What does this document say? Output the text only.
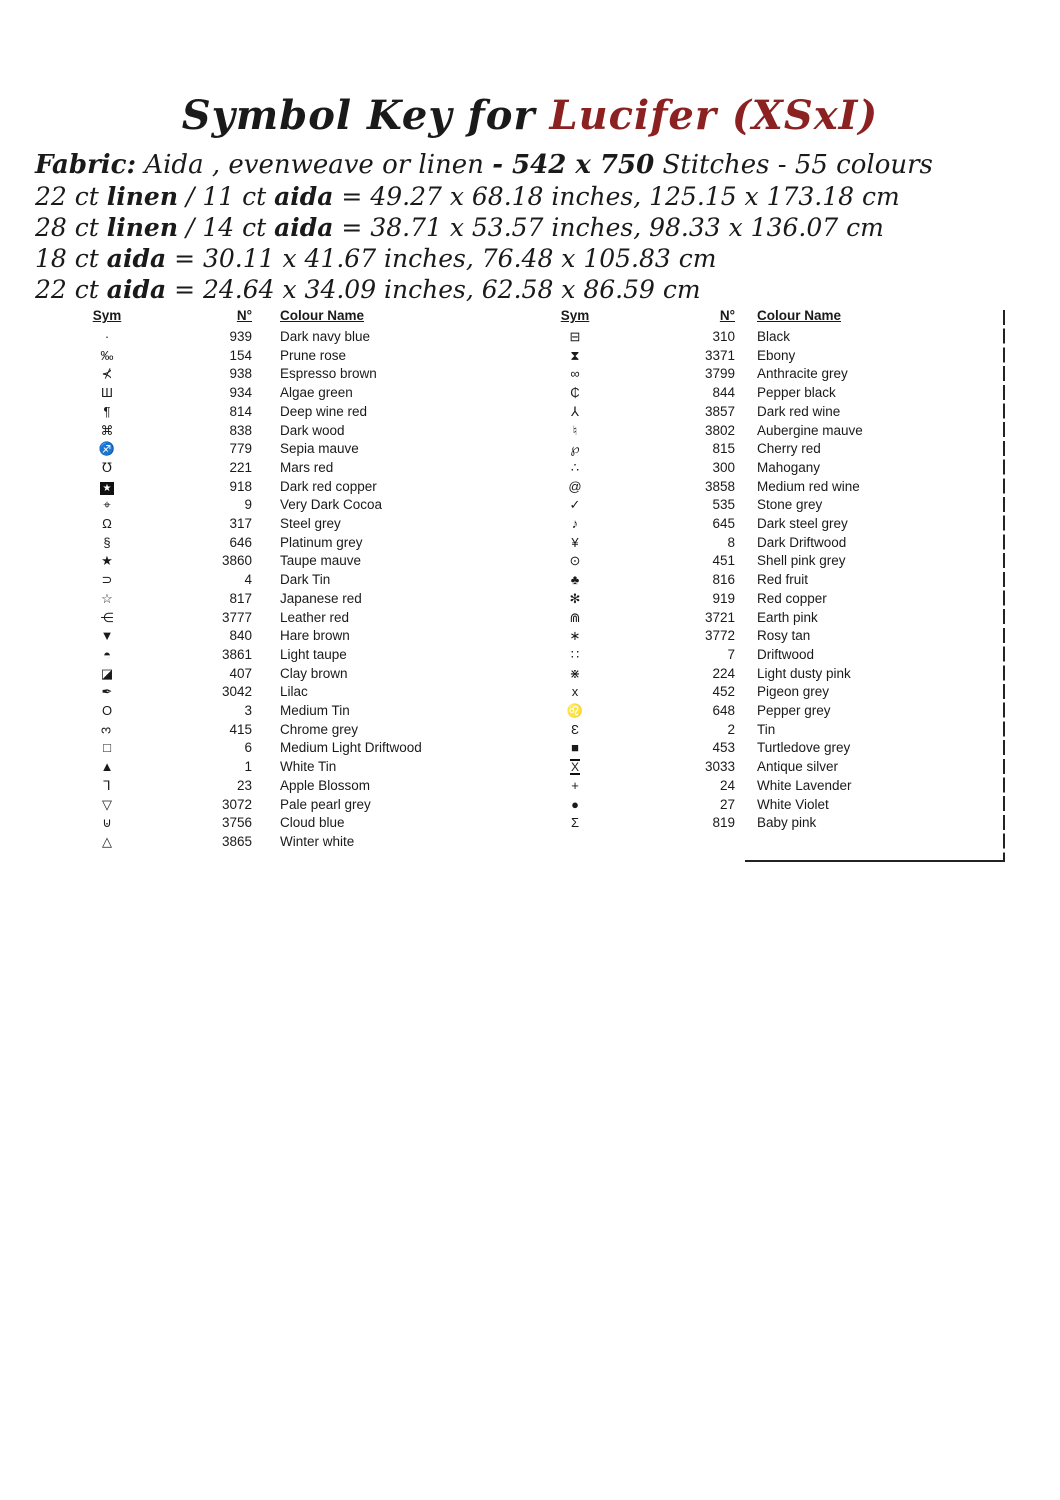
Symbol Key for Lucifer (XSxI)
Fabric: Aida , evenweave or linen - 542 x 750 Stitches - 55 colours
22 ct linen / 11 ct aida = 49.27 x 68.18 inches, 125.15 x 173.18 cm
28 ct linen / 14 ct aida = 38.71 x 53.57 inches, 98.33 x 136.07 cm
18 ct aida = 30.11 x 41.67 inches, 76.48 x 105.83 cm
22 ct aida = 24.64 x 34.09 inches, 62.58 x 86.59 cm
Sym	N°	Colour Name
·	939	Dark navy blue
‰	154	Prune rose
⊀	938	Espresso brown
Ш	934	Algae green
¶	814	Deep wine red
⌘	838	Dark wood
♐	779	Sepia mauve
℧	221	Mars red
★	918	Dark red copper
⌖	9	Very Dark Cocoa
Ω	317	Steel grey
§	646	Platinum grey
★	3860	Taupe mauve
⊃	4	Dark Tin
☆	817	Japanese red
⋲	3777	Leather red
▼	840	Hare brown
◓	3861	Light taupe
◪	407	Clay brown
✒	3042	Lilac
O	3	Medium Tin
3	415	Chrome grey
□	6	Medium Light Driftwood
▲	1	White Tin
⅂	23	Apple Blossom
▽	3072	Pale pearl grey
⊍	3756	Cloud blue
△	3865	Winter white
Sym	N°	Colour Name
⊟	310	Black
⧗	3371	Ebony
∞	3799	Anthracite grey
₵	844	Pepper black
⅄	3857	Dark red wine
♮	3802	Aubergine mauve
℘	815	Cherry red
∴	300	Mahogany
@	3858	Medium red wine
✓	535	Stone grey
♪	645	Dark steel grey
¥	8	Dark Driftwood
⊙	451	Shell pink grey
♣	816	Red fruit
✻	919	Red copper
⋒	3721	Earth pink
∗	3772	Rosy tan
∷	7	Driftwood
⋇	224	Light dusty pink
x	452	Pigeon grey
♌	648	Pepper grey
Ɛ	2	Tin
■	453	Turtledove grey
X	3033	Antique silver
+	24	White Lavender
●	27	White Violet
Σ	819	Baby pink
